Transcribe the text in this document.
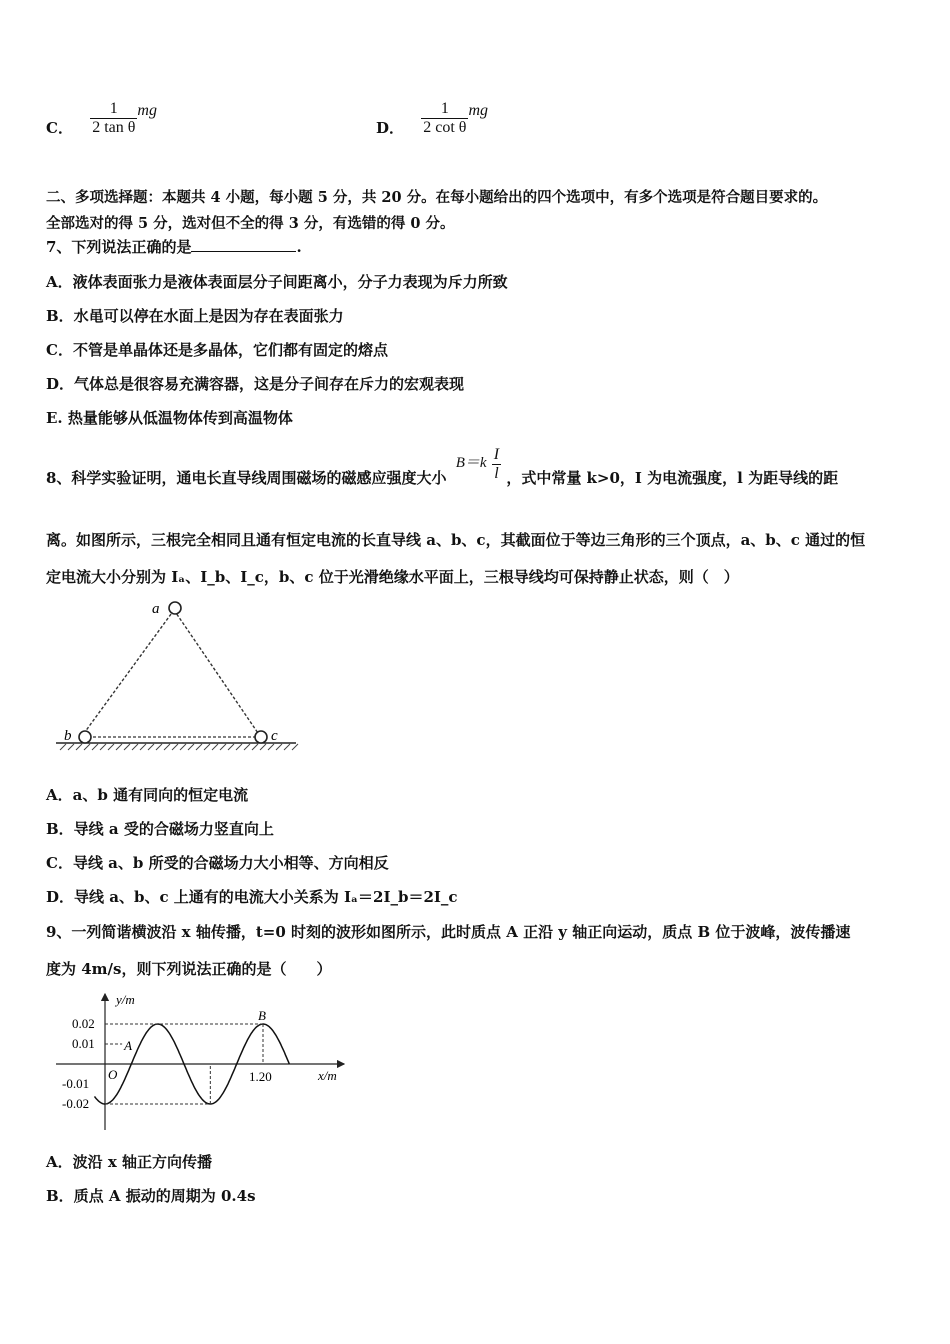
C． $\frac{1}{\text{2 tan θ}}$ mg
D． $\frac{1}{\text{2 cot θ}}$ mg
二、多项选择题：本题共 4 小题，每小题 5 分，共 20 分。在每小题给出的四个选项中，有多个选项是符合题目要求的。
全部选对的得 5 分，选对但不全的得 3 分，有选错的得 0 分。
7、下列说法正确的是	.
A．液体表面张力是液体表面层分子间距离小，分子力表现为斥力所致
B．水黾可以停在水面上是因为存在表面张力
C．不管是单晶体还是多晶体，它们都有固定的熔点
D．气体总是很容易充满容器，这是分子间存在斥力的宏观表现
E. 热量能够从低温物体传到高温物体
8、科学实验证明，通电长直导线周围磁场的磁感应强度大小 $B=k \frac{I}{l}$ ，式中常量 k>0，I 为电流强度，l 为距导线的距
离。如图所示，三根完全相同且通有恒定电流的长直导线 a、b、c，其截面位于等边三角形的三个顶点，a、b、c 通过的恒
定电流大小分别为 Iₐ、I_b、I_c，b、c 位于光滑绝缘水平面上，三根导线均可保持静止状态，则（　）
a
b	c
A．a、b 通有同向的恒定电流
B．导线 a 受的合磁场力竖直向上
C．导线 a、b 所受的合磁场力大小相等、方向相反
D．导线 a、b、c 上通有的电流大小关系为 Iₐ＝2I_b＝2I_c
9、一列简谐横波沿 x 轴传播，t=0 时刻的波形如图所示，此时质点 A 正沿 y 轴正向运动，质点 B 位于波峰，波传播速
度为 4m/s，则下列说法正确的是（　　）
y/m
x/m
0.02
0.01
-0.01
-0.02
O	1.20
A
B
A．波沿 x 轴正方向传播
B．质点 A 振动的周期为 0.4s
